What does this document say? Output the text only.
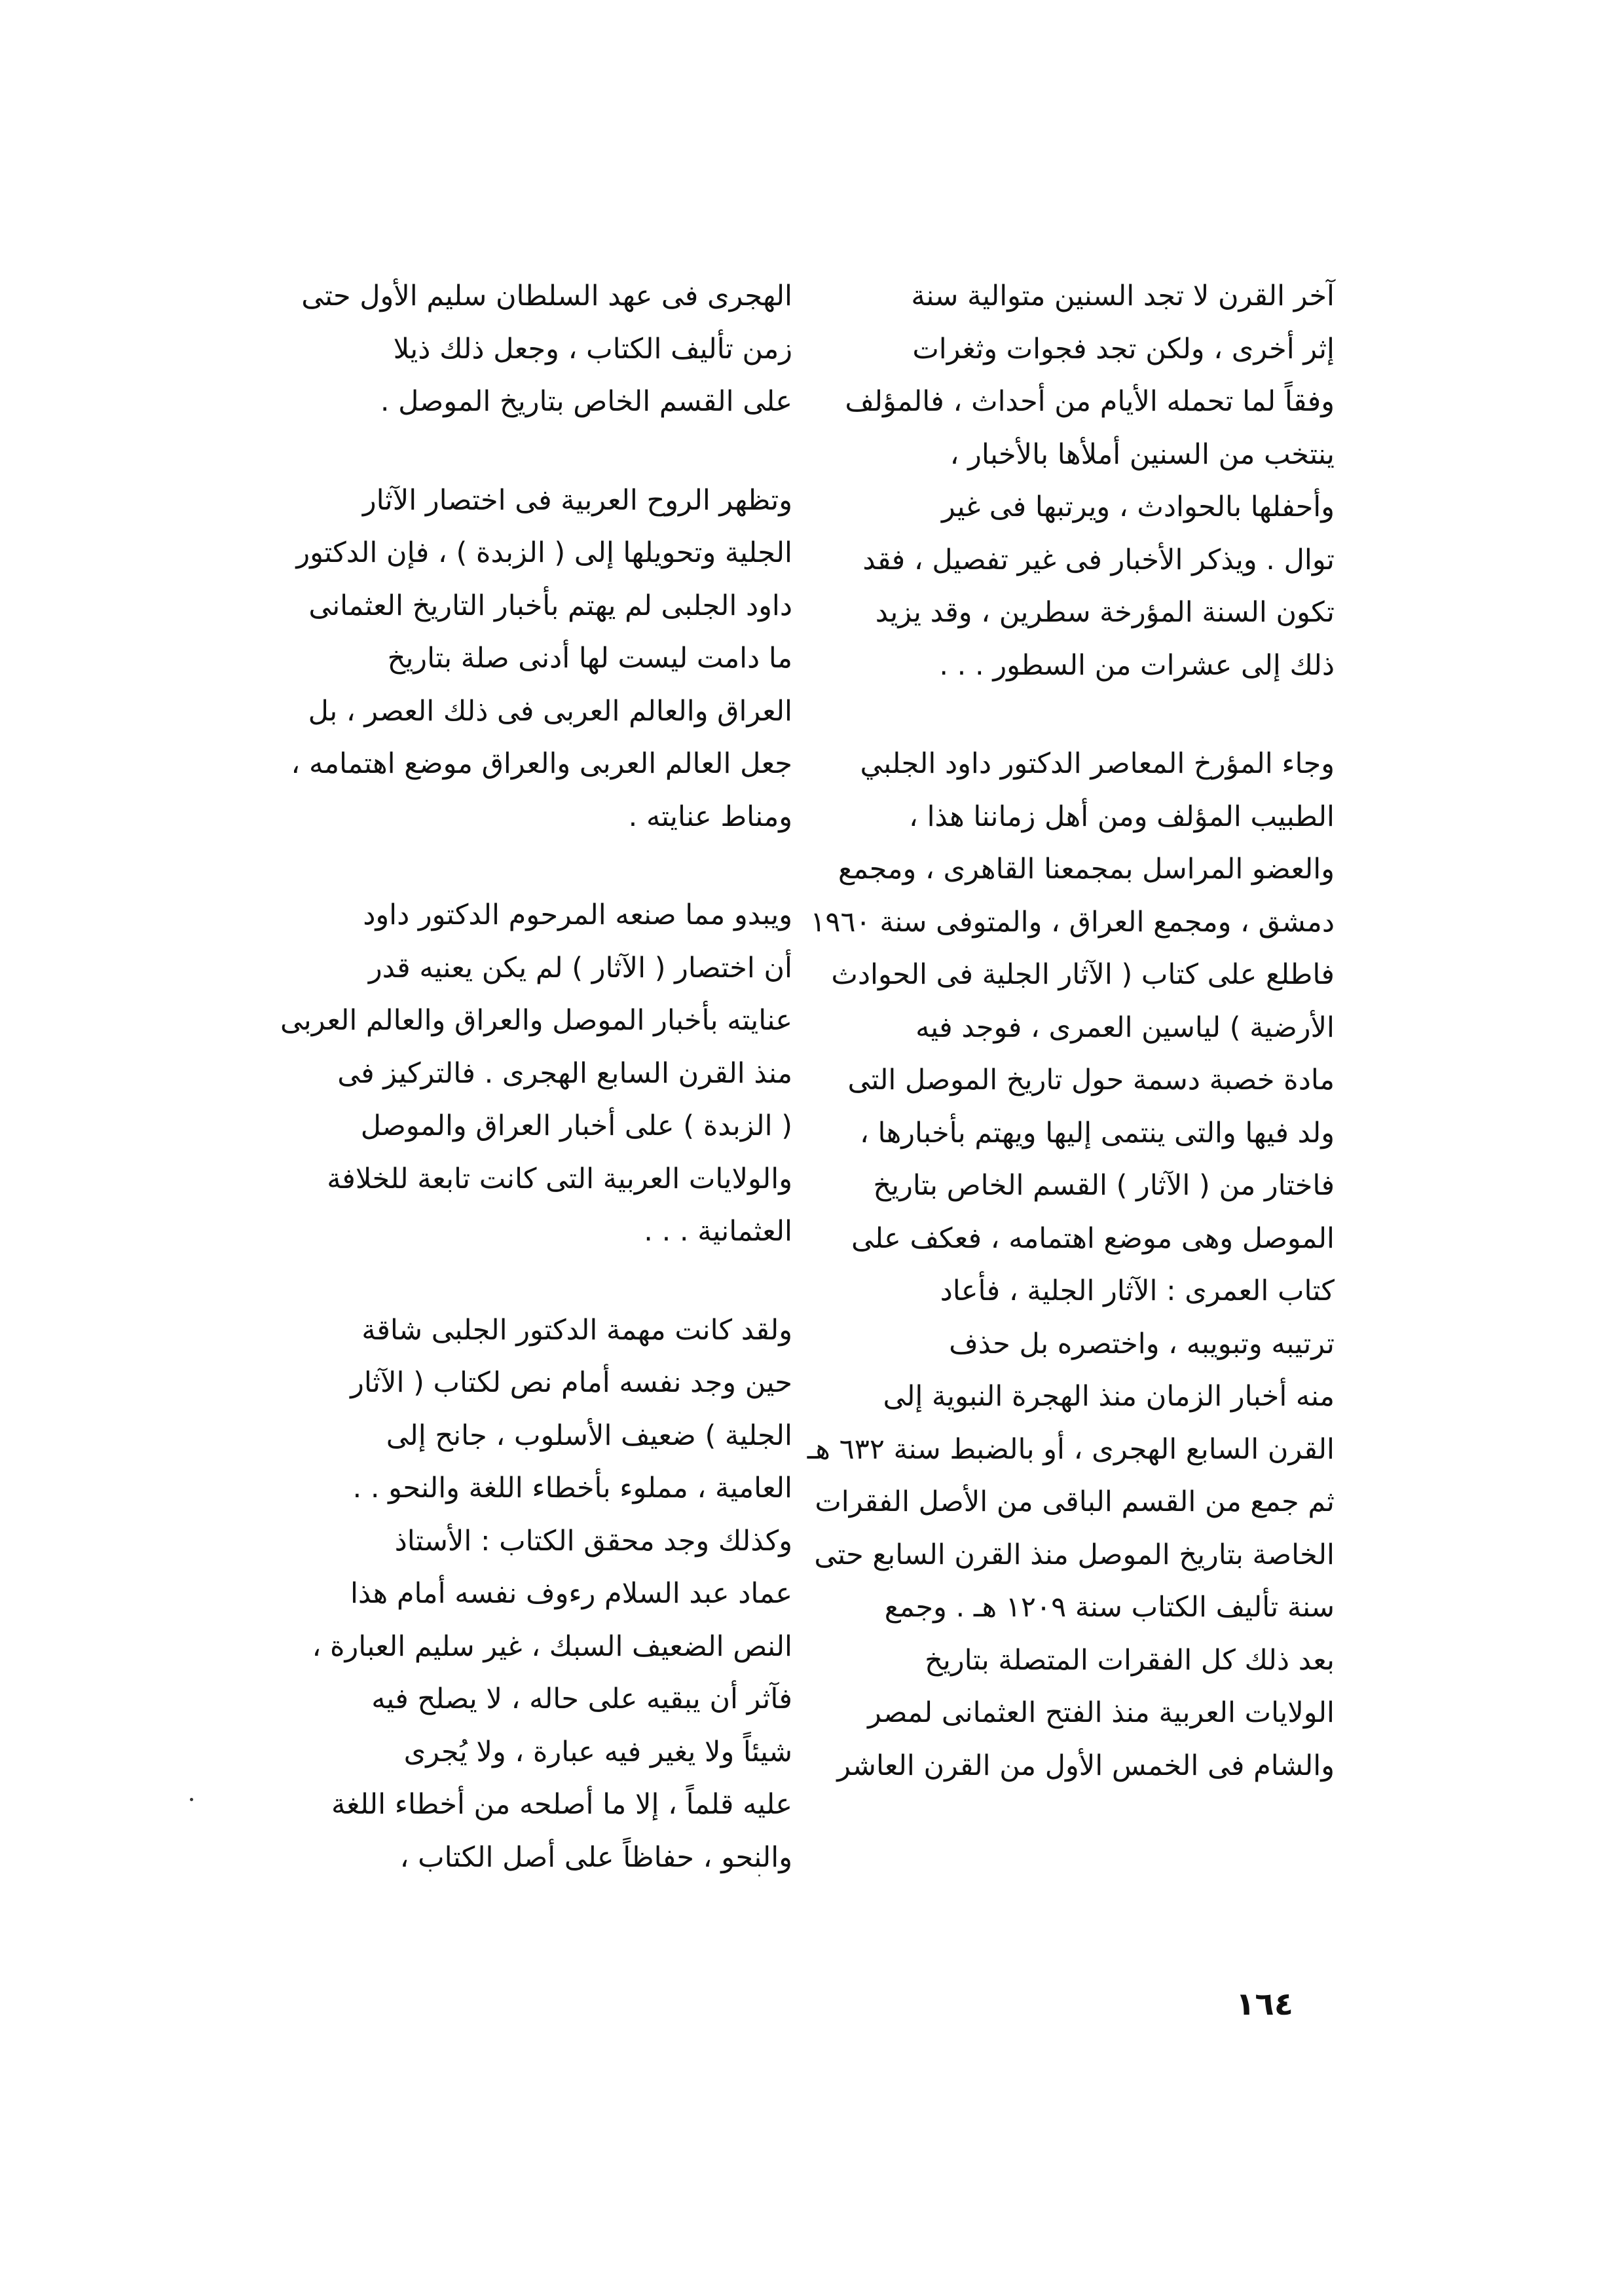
آخر القرن لا تجد السنين متوالية سنة
إثر أخرى ، ولكن تجد فجوات وثغرات
وفقاً لما تحمله الأيام من أحداث ، فالمؤلف
ينتخب من السنين أملأها بالأخبار ،
وأحفلها بالحوادث ، ويرتبها فى غير
توال . ويذكر الأخبار فى غير تفصيل ، فقد
تكون السنة المؤرخة سطرين ، وقد يزيد
ذلك إلى عشرات من السطور . . .
وجاء المؤرخ المعاصر الدكتور داود الجلبي
الطبيب المؤلف ومن أهل زماننا هذا ،
والعضو المراسل بمجمعنا القاهرى ، ومجمع
دمشق ، ومجمع العراق ، والمتوفى سنة ١٩٦٠
فاطلع على كتاب ( الآثار الجلية فى الحوادث
الأرضية ) لياسين العمرى ، فوجد فيه
مادة خصبة دسمة حول تاريخ الموصل التى
ولد فيها والتى ينتمى إليها ويهتم بأخبارها ،
فاختار من ( الآثار ) القسم الخاص بتاريخ
الموصل وهى موضع اهتمامه ، فعكف على
كتاب العمرى : الآثار الجلية ، فأعاد
ترتيبه وتبويبه ، واختصره بل حذف
منه أخبار الزمان منذ الهجرة النبوية إلى
القرن السابع الهجرى ، أو بالضبط سنة ٦٣٢ هـ
ثم جمع من القسم الباقى من الأصل الفقرات
الخاصة بتاريخ الموصل منذ القرن السابع حتى
سنة تأليف الكتاب سنة ١٢٠٩ هـ . وجمع
بعد ذلك كل الفقرات المتصلة بتاريخ
الولايات العربية منذ الفتح العثمانى لمصر
والشام فى الخمس الأول من القرن العاشر
الهجرى فى عهد السلطان سليم الأول حتى
زمن تأليف الكتاب ، وجعل ذلك ذيلا
على القسم الخاص بتاريخ الموصل .
وتظهر الروح العربية فى اختصار الآثار
الجلية وتحويلها إلى ( الزبدة ) ، فإن الدكتور
داود الجلبى لم يهتم بأخبار التاريخ العثمانى
ما دامت ليست لها أدنى صلة بتاريخ
العراق والعالم العربى فى ذلك العصر ، بل
جعل العالم العربى والعراق موضع اهتمامه ،
ومناط عنايته .
ويبدو مما صنعه المرحوم الدكتور داود
أن اختصار ( الآثار ) لم يكن يعنيه قدر
عنايته بأخبار الموصل والعراق والعالم العربى
منذ القرن السابع الهجرى . فالتركيز فى
( الزبدة ) على أخبار العراق والموصل
والولايات العربية التى كانت تابعة للخلافة
العثمانية . . .
ولقد كانت مهمة الدكتور الجلبى شاقة
حين وجد نفسه أمام نص لكتاب ( الآثار
الجلية ) ضعيف الأسلوب ، جانح إلى
العامية ، مملوء بأخطاء اللغة والنحو . .
وكذلك وجد محقق الكتاب : الأستاذ
عماد عبد السلام رءوف نفسه أمام هذا
النص الضعيف السبك ، غير سليم العبارة ،
فآثر أن يبقيه على حاله ، لا يصلح فيه
شيئاً ولا يغير فيه عبارة ، ولا يُجرى
عليه قلماً ، إلا ما أصلحه من أخطاء اللغة
والنحو ، حفاظاً على أصل الكتاب ،
١٦٤
